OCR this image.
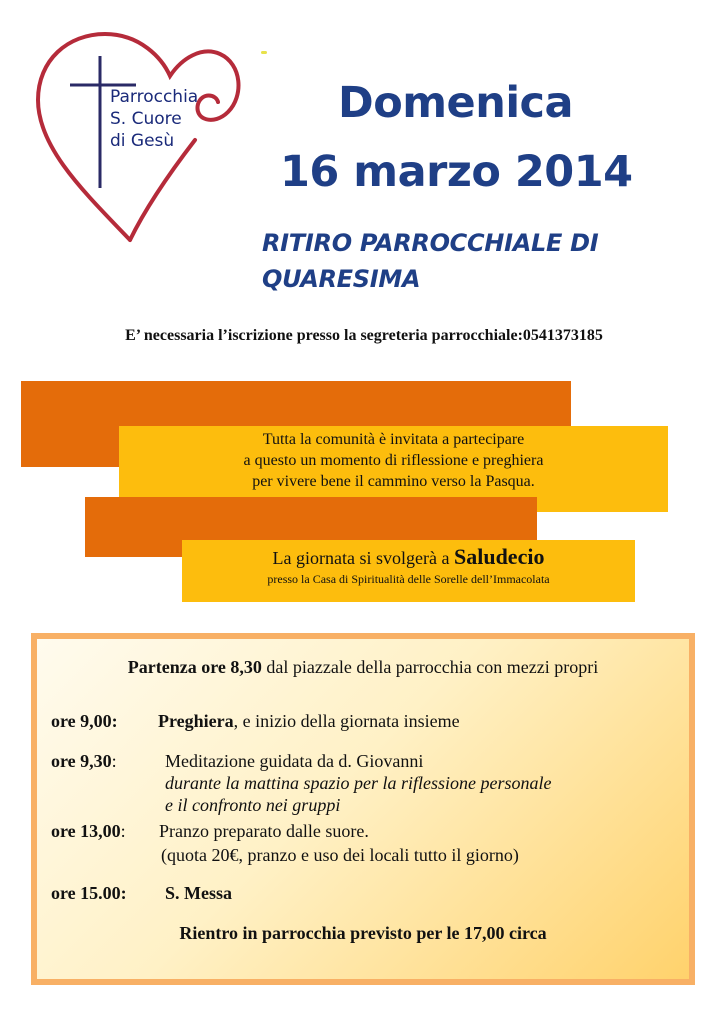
Parrocchia
S. Cuore
di Gesù
Domenica
16 marzo 2014
RITIRO PARROCCHIALE DI
QUARESIMA
E’ necessaria l’iscrizione presso la segreteria parrocchiale:0541373185
Tutta la comunità è invitata a partecipare
a questo un momento di riflessione e preghiera
per vivere bene il cammino verso la Pasqua.
La giornata si svolgerà a Saludecio
presso la Casa di Spiritualità delle Sorelle dell’Immacolata
Partenza ore 8,30 dal piazzale della parrocchia con mezzi propri
ore 9,00: Preghiera, e inizio della giornata insieme
ore 9,30:	Meditazione guidata da d. Giovanni
durante la mattina spazio per la riflessione personale
e il confronto nei gruppi
ore 13,00: Pranzo preparato dalle suore.
(quota 20€, pranzo e uso dei locali tutto il giorno)
ore 15.00: S. Messa
Rientro in parrocchia previsto per le 17,00 circa
